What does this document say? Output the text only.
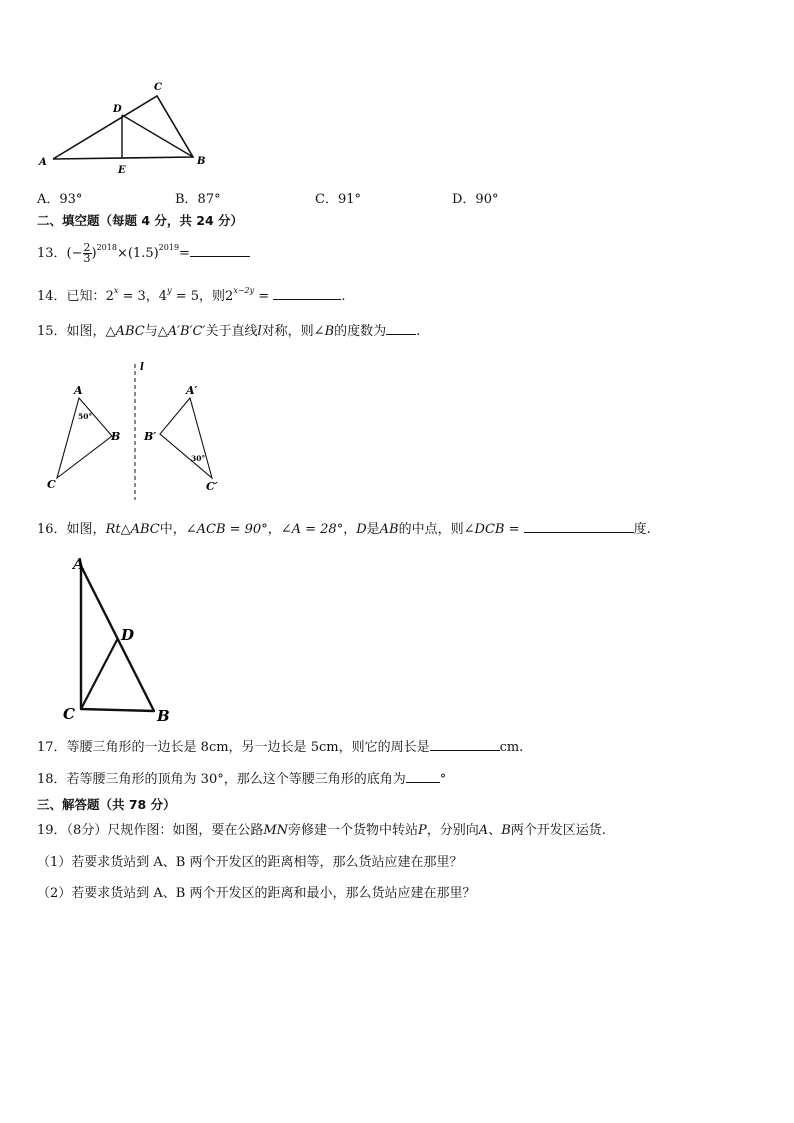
A	B
C
D
E
A．93°	B．87°	C．91°	D．90°
二、填空题（每题 4 分，共 24 分）
13．(− $\frac{2}{3} )^{2018}\times(1.5)^{2019}=$
14．已知：$2^x = 3$，$4^y = 5$，则$2^{x-2y}$ =	.
15．如图，△ABC与△A′B′C′关于直线l对称，则∠B的度数为 .
l
A
B
C
50°
A′
B′
C′
30°
16．如图，Rt△ABC中，∠ACB = 90°，∠A = 28°，D是AB的中点，则∠DCB =	度.
A
B
C
D
17．等腰三角形的一边长是 8cm，另一边长是 5cm，则它的周长是	cm.
18．若等腰三角形的顶角为 30°，那么这个等腰三角形的底角为	°
三、解答题（共 78 分）
19．（8分）尺规作图：如图，要在公路MN旁修建一个货物中转站P，分别向A、B两个开发区运货.
（1）若要求货站到 A、B 两个开发区的距离相等，那么货站应建在那里？
（2）若要求货站到 A、B 两个开发区的距离和最小，那么货站应建在那里？
